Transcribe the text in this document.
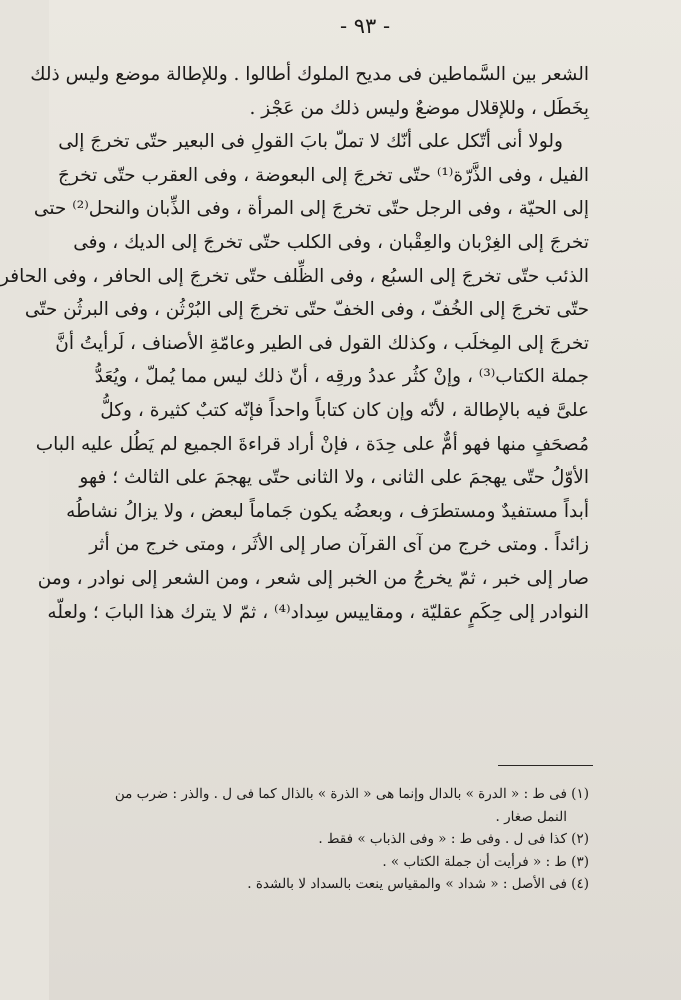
- ٩٣ -
الشعر بين السَّماطين فى مديح الملوك أطالوا . وللإطالة موضع وليس ذلك
بِخَطَل ، وللإقلال موضعٌ وليس ذلك من عَجْز .
ولولا أنى أتّكل على أنّك لا تملّ بابَ القولِ فى البعير حتّى تخرجَ إلى
الفيل ، وفى الذَّرّة⁽¹⁾ حتّى تخرجَ إلى البعوضة ، وفى العقرب حتّى تخرجَ
إلى الحيّة ، وفى الرجل حتّى تخرجَ إلى المرأة ، وفى الذِّبان والنحل⁽²⁾ حتى
تخرجَ إلى الغِرْبان والعِقْبان ، وفى الكلب حتّى تخرجَ إلى الديك ، وفى
الذئب حتّى تخرجَ إلى السبُع ، وفى الظِّلف حتّى تخرجَ إلى الحافر ، وفى الحافر
حتّى تخرجَ إلى الخُفّ ، وفى الخفّ حتّى تخرجَ إلى البُرْثُن ، وفى البرثُن حتّى
تخرجَ إلى المِخلَب ، وكذلك القول فى الطير وعامّةِ الأصناف ، لَرأيتُ أنَّ
جملة الكتاب⁽³⁾ ، وإنْ كثُر عددُ ورقِه ، أنّ ذلك ليس مما يُملّ ، ويُعَدُّ
علىَّ فيه بالإطالة ، لأنّه وإن كان كتاباً واحداً فإنّه كتبٌ كثيرة ، وكلُّ
مُصحَفٍ منها فهو أمٌّ على حِدَة ، فإنْ أراد قراءةَ الجميع لم يَطُل عليه الباب
الأوّلُ حتّى يهجمَ على الثانى ، ولا الثانى حتّى يهجمَ على الثالث ؛ فهو
أبداً مستفيدٌ ومستطرَف ، وبعضُه يكون جَماماً لبعض ، ولا يزالُ نشاطُه
زائداً . ومتى خرج من آى القرآن صار إلى الأثَر ، ومتى خرج من أثر
صار إلى خبر ، ثمّ يخرجُ من الخبر إلى شعر ، ومن الشعر إلى نوادر ، ومن
النوادر إلى حِكَمٍ عقليّة ، ومقاييس سِداد⁽⁴⁾ ، ثمّ لا يترك هذا البابَ ؛ ولعلّه
(١) فى ط : « الدرة » بالدال وإنما هى « الذرة » بالذال كما فى ل . والذر : ضرب من
النمل صغار .
(٢) كذا فى ل . وفى ط : « وفى الذباب » فقط .
(٣) ط : « فرأيت أن جملة الكتاب » .
(٤) فى الأصل : « شداد » والمقياس ينعت بالسداد لا بالشدة .
